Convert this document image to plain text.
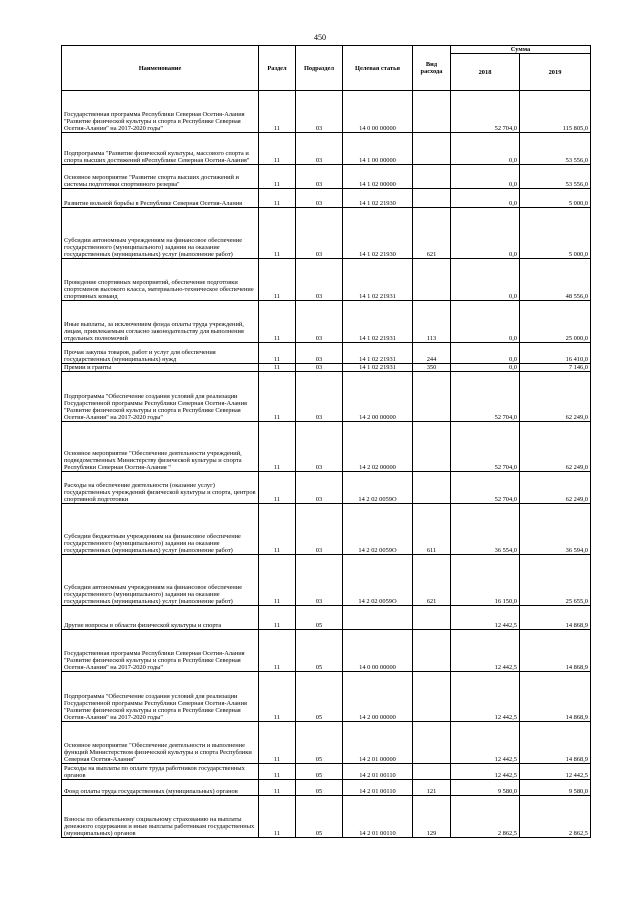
450
Наименование	Раздел	Подраздел	Целевая статья	Вид расхода	Сумма	
					2018	2019
Государственная программа Республики Северная Осетия-Алания "Развитие физической культуры и спорта в Республике Северная Осетия-Алания" на 2017-2020 годы"	11	03	14 0 00 00000		52 704,0	115 805,0
Подпрограмма "Развитие физической культуры, массового спорта и спорта высших достижений вРеспублике Северная Осетия-Алания"	11	03	14 1 00 00000		0,0	53 556,0
Основное мероприятие "Развитие спорта высших достижений и системы подготовки спортивного резерва"	11	03	14 1 02 00000		0,0	53 556,0
Развитие вольной борьбы в Республике Северная Осетия-Алания	11	03	14 1 02 21930		0,0	5 000,0
Субсидии автономным учреждениям на финансовое обеспечение государственного (муниципального) задания на оказание государственных (муниципальных) услуг (выполнение работ)	11	03	14 1 02 21930	621	0,0	5 000,0
Проведение спортивных мероприятий, обеспечение подготовки спортсменов высокого класса, материально-техническое обеспечение спортивных команд	11	03	14 1 02 21931		0,0	48 556,0
Иные выплаты, за исключением фонда оплаты труда учреждений, лицам, привлекаемым согласно законодательству для выполнения отдельных полномочий	11	03	14 1 02 21931	113	0,0	25 000,0
Прочая закупка товаров, работ и услуг для обеспечения государственных (муниципальных) нужд	11	03	14 1 02 21931	244	0,0	16 410,0
Премии и гранты	11	03	14 1 02 21931	350	0,0	7 146,0
Подпрограмма "Обеспечение создания условий для реализации Государственной программы Республики Северная Осетия-Алания "Развитие физической культуры и спорта в Республике Северная Осетия-Алания" на 2017-2020 годы"	11	03	14 2 00 00000		52 704,0	62 249,0
Основное мероприятие "Обеспечение деятельности учреждений, подведомственных Министерству физической культуры и спорта Республики Северная Осетия-Алания "	11	03	14 2 02 00000		52 704,0	62 249,0
Расходы на обеспечение деятельности (оказание услуг) государственных учреждений физической культуры и спорта, центров спортивной подготовки	11	03	14 2 02 0059О		52 704,0	62 249,0
Субсидии бюджетным учреждениям на финансовое обеспечение государственного (муниципального) задания на оказание государственных (муниципальных) услуг (выполнение работ)	11	03	14 2 02 0059О	611	36 554,0	36 594,0
Субсидии автономным учреждениям на финансовое обеспечение государственного (муниципального) задания на оказание государственных (муниципальных) услуг (выполнение работ)	11	03	14 2 02 0059О	621	16 150,0	25 655,0
Другие вопросы в области физической культуры и спорта	11	05			12 442,5	14 868,9
Государственная программа Республики Северная Осетия-Алания "Развитие физической культуры и спорта в Республике Северная Осетия-Алания" на 2017-2020 годы"	11	05	14 0 00 00000		12 442,5	14 868,9
Подпрограмма "Обеспечение создания условий для реализации Государственной программы Республики Северная Осетия-Алания "Развитие физической культуры и спорта в Республике Северная Осетия-Алания" на 2017-2020 годы"	11	05	14 2 00 00000		12 442,5	14 868,9
Основное мероприятие "Обеспечение деятельности и выполнение функций Министерством физической культуры и спорта Республики Северная Осетия-Алания"	11	05	14 2 01 00000		12 442,5	14 868,9
Расходы на выплаты по оплате труда работников государственных органов	11	05	14 2 01 00110		12 442,5	12 442,5
Фонд оплаты труда государственных (муниципальных) органов	11	05	14 2 01 00110	121	9 580,0	9 580,0
Взносы по обязательному социальному страхованию на выплаты денежного содержания и иные выплаты работникам государственных (муниципальных) органов	11	05	14 2 01 00110	129	2 862,5	2 862,5
